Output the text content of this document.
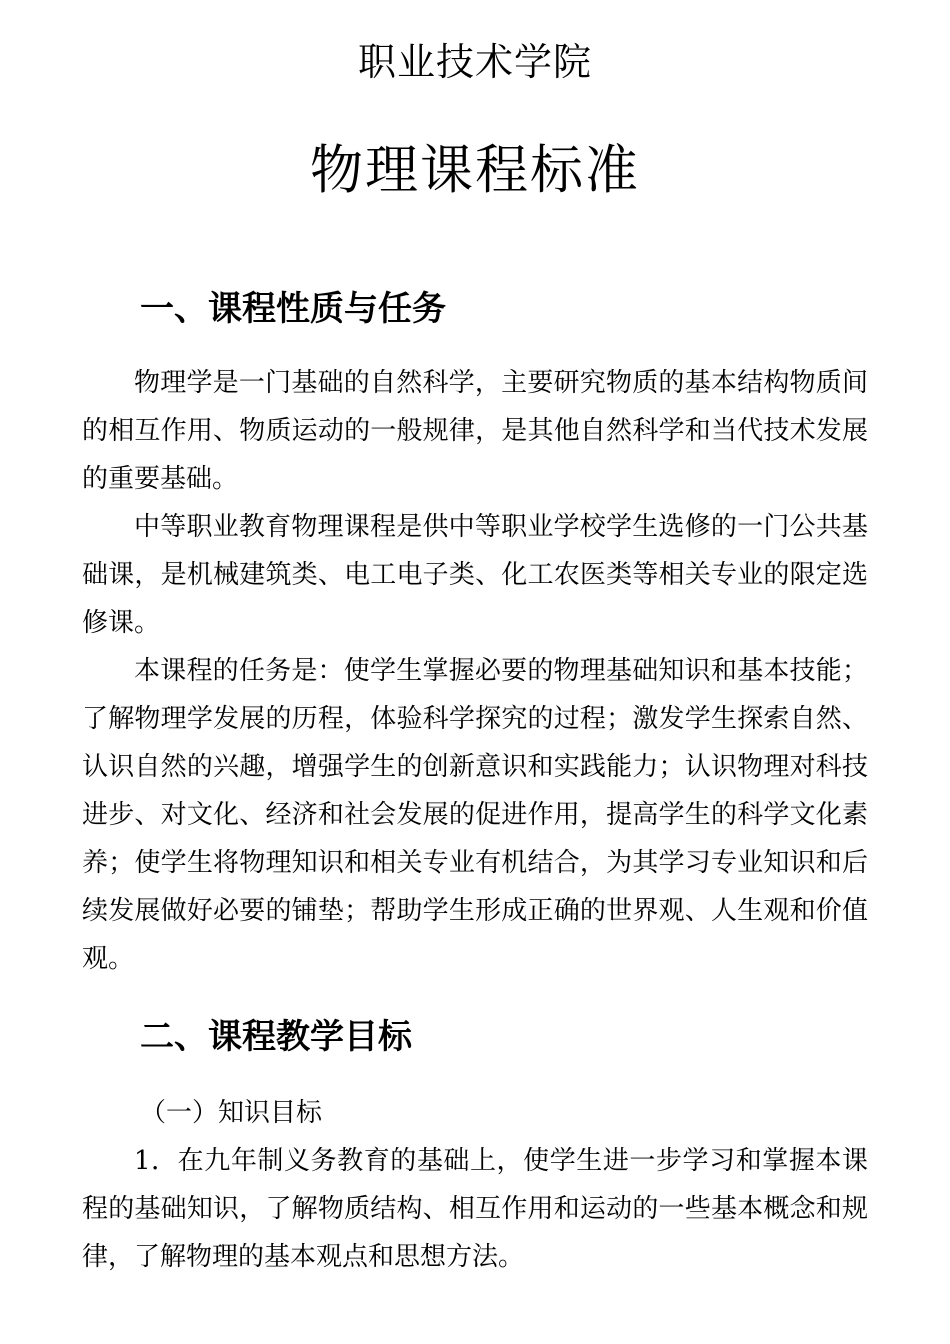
职业技术学院
物理课程标准
一、课程性质与任务

物理学是一门基础的自然科学，主要研究物质的基本结构物质间的相互作用、物质运动的一般规律，是其他自然科学和当代技术发展的重要基础。

中等职业教育物理课程是供中等职业学校学生选修的一门公共基础课，是机械建筑类、电工电子类、化工农医类等相关专业的限定选修课。

本课程的任务是：使学生掌握必要的物理基础知识和基本技能；了解物理学发展的历程，体验科学探究的过程；激发学生探索自然、认识自然的兴趣，增强学生的创新意识和实践能力；认识物理对科技进步、对文化、经济和社会发展的促进作用，提高学生的科学文化素养；使学生将物理知识和相关专业有机结合，为其学习专业知识和后续发展做好必要的铺垫；帮助学生形成正确的世界观、人生观和价值观。

二、课程教学目标
（一）知识目标

1．在九年制义务教育的基础上，使学生进一步学习和掌握本课程的基础知识，了解物质结构、相互作用和运动的一些基本概念和规律，了解物理的基本观点和思想方法。
